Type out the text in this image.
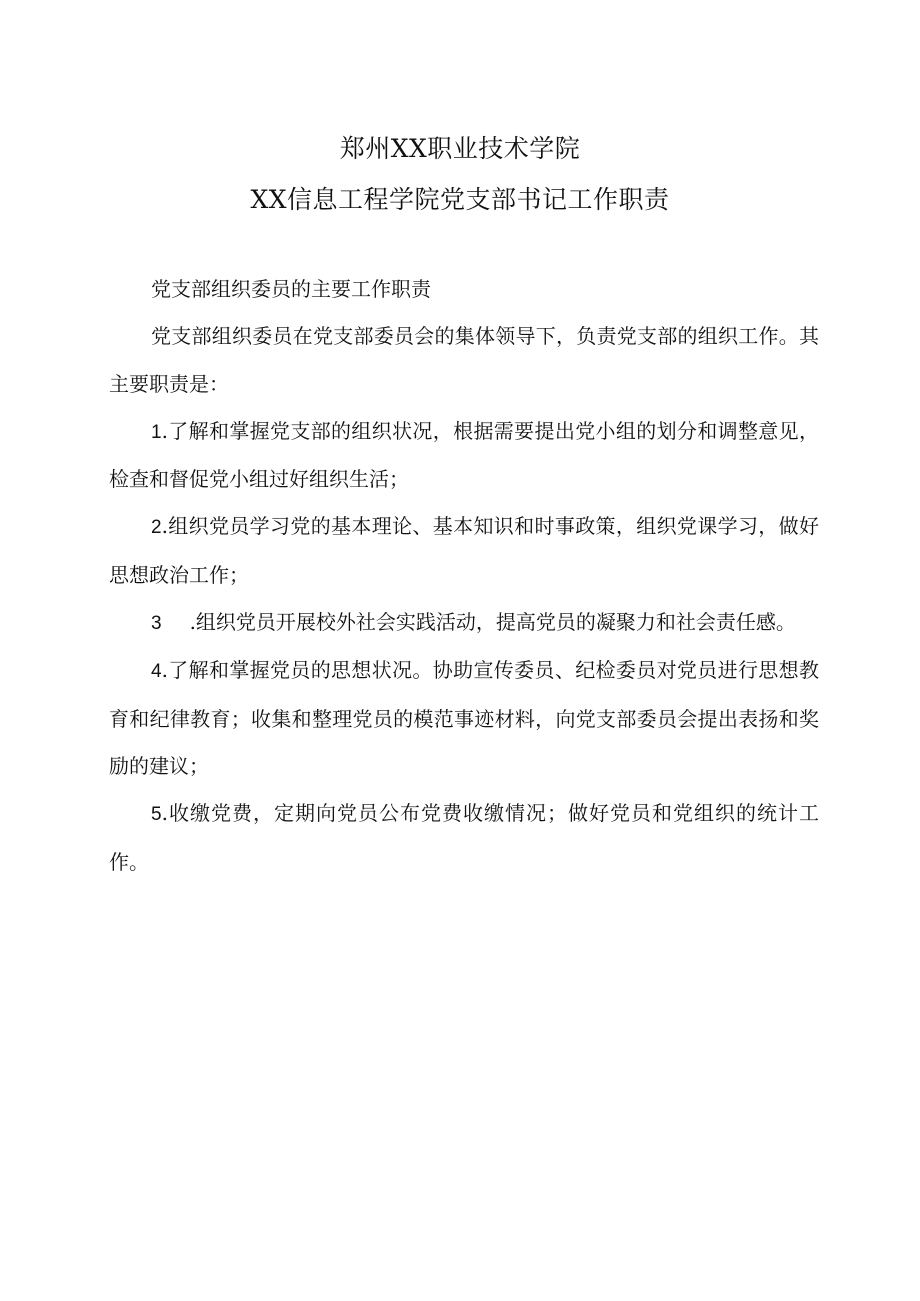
郑州XX职业技术学院
XX信息工程学院党支部书记工作职责

党支部组织委员的主要工作职责

党支部组织委员在党支部委员会的集体领导下，负责党支部的组织工作。其主要职责是：

1.了解和掌握党支部的组织状况，根据需要提出党小组的划分和调整意见，检查和督促党小组过好组织生活；

2.组织党员学习党的基本理论、基本知识和时事政策，组织党课学习，做好思想政治工作；

3 .组织党员开展校外社会实践活动，提高党员的凝聚力和社会责任感。

4.了解和掌握党员的思想状况。协助宣传委员、纪检委员对党员进行思想教育和纪律教育；收集和整理党员的模范事迹材料，向党支部委员会提出表扬和奖励的建议；

5.收缴党费，定期向党员公布党费收缴情况；做好党员和党组织的统计工作。
